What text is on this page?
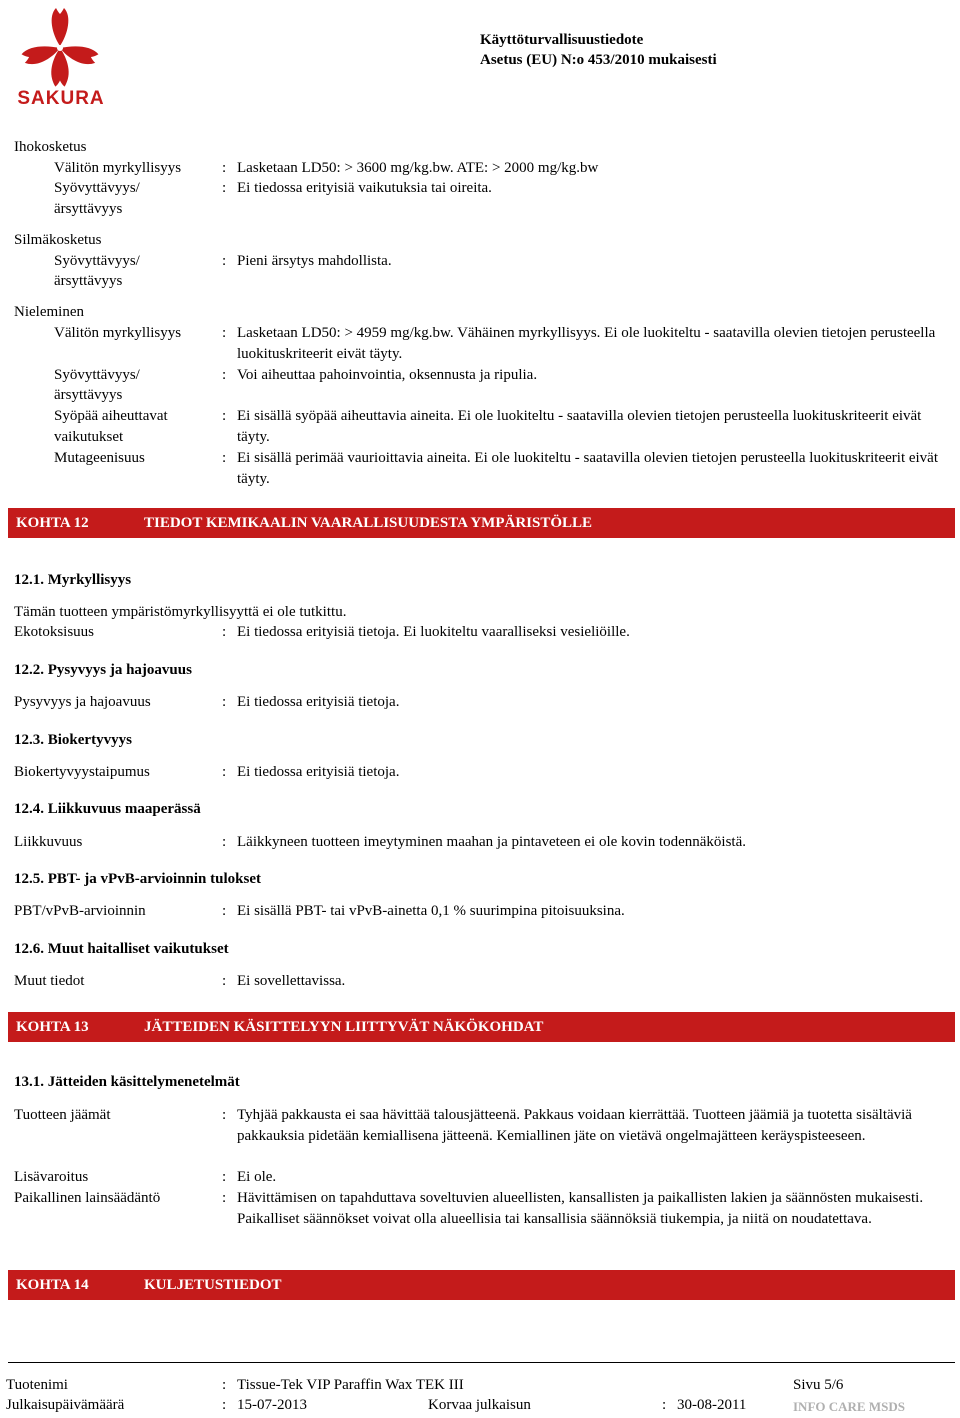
SAKURA
Käyttöturvallisuustiedote
Asetus (EU) N:o 453/2010 mukaisesti
Ihokosketus
Välitön myrkyllisyys	: Lasketaan LD50: > 3600 mg/kg.bw. ATE: > 2000 mg/kg.bw
Syövyttävyys/
ärsyttävyys
: Ei tiedossa erityisiä vaikutuksia tai oireita.
Silmäkosketus
Syövyttävyys/
ärsyttävyys
: Pieni ärsytys mahdollista.
Nieleminen
Välitön myrkyllisyys	: Lasketaan LD50: > 4959 mg/kg.bw. Vähäinen myrkyllisyys. Ei ole luokiteltu - saatavilla olevien tietojen perusteella luokituskriteerit eivät täyty.
Syövyttävyys/
ärsyttävyys
: Voi aiheuttaa pahoinvointia, oksennusta ja ripulia.
Syöpää aiheuttavat
vaikutukset
: Ei sisällä syöpää aiheuttavia aineita. Ei ole luokiteltu - saatavilla olevien tietojen perusteella luokituskriteerit eivät täyty.
Mutageenisuus	: Ei sisällä perimää vaurioittavia aineita. Ei ole luokiteltu - saatavilla olevien tietojen perusteella luokituskriteerit eivät täyty.
KOHTA 12	TIEDOT KEMIKAALIN VAARALLISUUDESTA YMPÄRISTÖLLE
12.1. Myrkyllisyys
Tämän tuotteen ympäristömyrkyllisyyttä ei ole tutkittu.
Ekotoksisuus	: Ei tiedossa erityisiä tietoja. Ei luokiteltu vaaralliseksi vesieliöille.
12.2. Pysyvyys ja hajoavuus
Pysyvyys ja hajoavuus	: Ei tiedossa erityisiä tietoja.
12.3. Biokertyvyys
Biokertyvyystaipumus	: Ei tiedossa erityisiä tietoja.
12.4. Liikkuvuus maaperässä
Liikkuvuus	: Läikkyneen tuotteen imeytyminen maahan ja pintaveteen ei ole kovin todennäköistä.
12.5. PBT- ja vPvB-arvioinnin tulokset
PBT/vPvB-arvioinnin	: Ei sisällä PBT- tai vPvB-ainetta 0,1 % suurimpina pitoisuuksina.
12.6. Muut haitalliset vaikutukset
Muut tiedot	: Ei sovellettavissa.
KOHTA 13	JÄTTEIDEN KÄSITTELYYN LIITTYVÄT NÄKÖKOHDAT
13.1. Jätteiden käsittelymenetelmät
Tuotteen jäämät	: Tyhjää pakkausta ei saa hävittää talousjätteenä. Pakkaus voidaan kierrättää. Tuotteen jäämiä ja tuotetta sisältäviä pakkauksia pidetään kemiallisena jätteenä. Kemiallinen jäte on vietävä ongelmajätteen keräyspisteeseen.
Lisävaroitus	: Ei ole.
Paikallinen lainsäädäntö	: Hävittämisen on tapahduttava soveltuvien alueellisten, kansallisten ja paikallisten lakien ja säännösten mukaisesti. Paikalliset säännökset voivat olla alueellisia tai kansallisia säännöksiä tiukempia, ja niitä on noudatettava.
KOHTA 14	KULJETUSTIEDOT
Tuotenimi	: Tissue-Tek VIP Paraffin Wax TEK III	Sivu 5/6
Julkaisupäivämäärä	: 15-07-2013	Korvaa julkaisun	: 30-08-2011	INFO CARE MSDS
